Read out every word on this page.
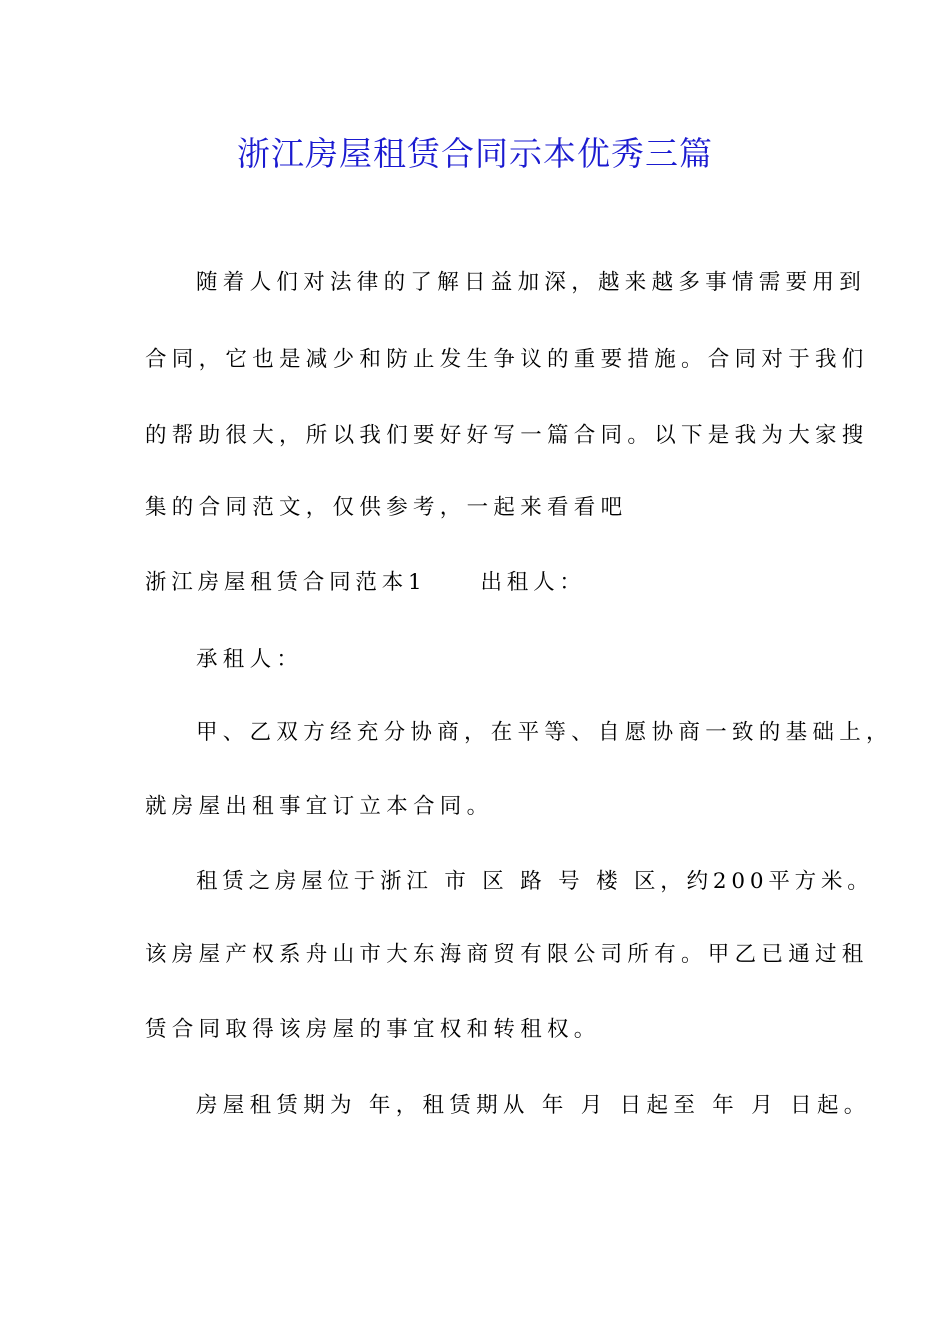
浙江房屋租赁合同示本优秀三篇
随着人们对法律的了解日益加深，越来越多事情需要用到
合同，它也是减少和防止发生争议的重要措施。合同对于我们
的帮助很大，所以我们要好好写一篇合同。以下是我为大家搜
集的合同范文，仅供参考，一起来看看吧
浙江房屋租赁合同范本1	出租人：
承租人：
甲、乙双方经充分协商，在平等、自愿协商一致的基础上，
就房屋出租事宜订立本合同。
租赁之房屋位于浙江 市 区 路 号 楼 区，约200平方米。
该房屋产权系舟山市大东海商贸有限公司所有。甲乙已通过租
赁合同取得该房屋的事宜权和转租权。
房屋租赁期为 年，租赁期从 年 月 日起至 年 月 日起。
